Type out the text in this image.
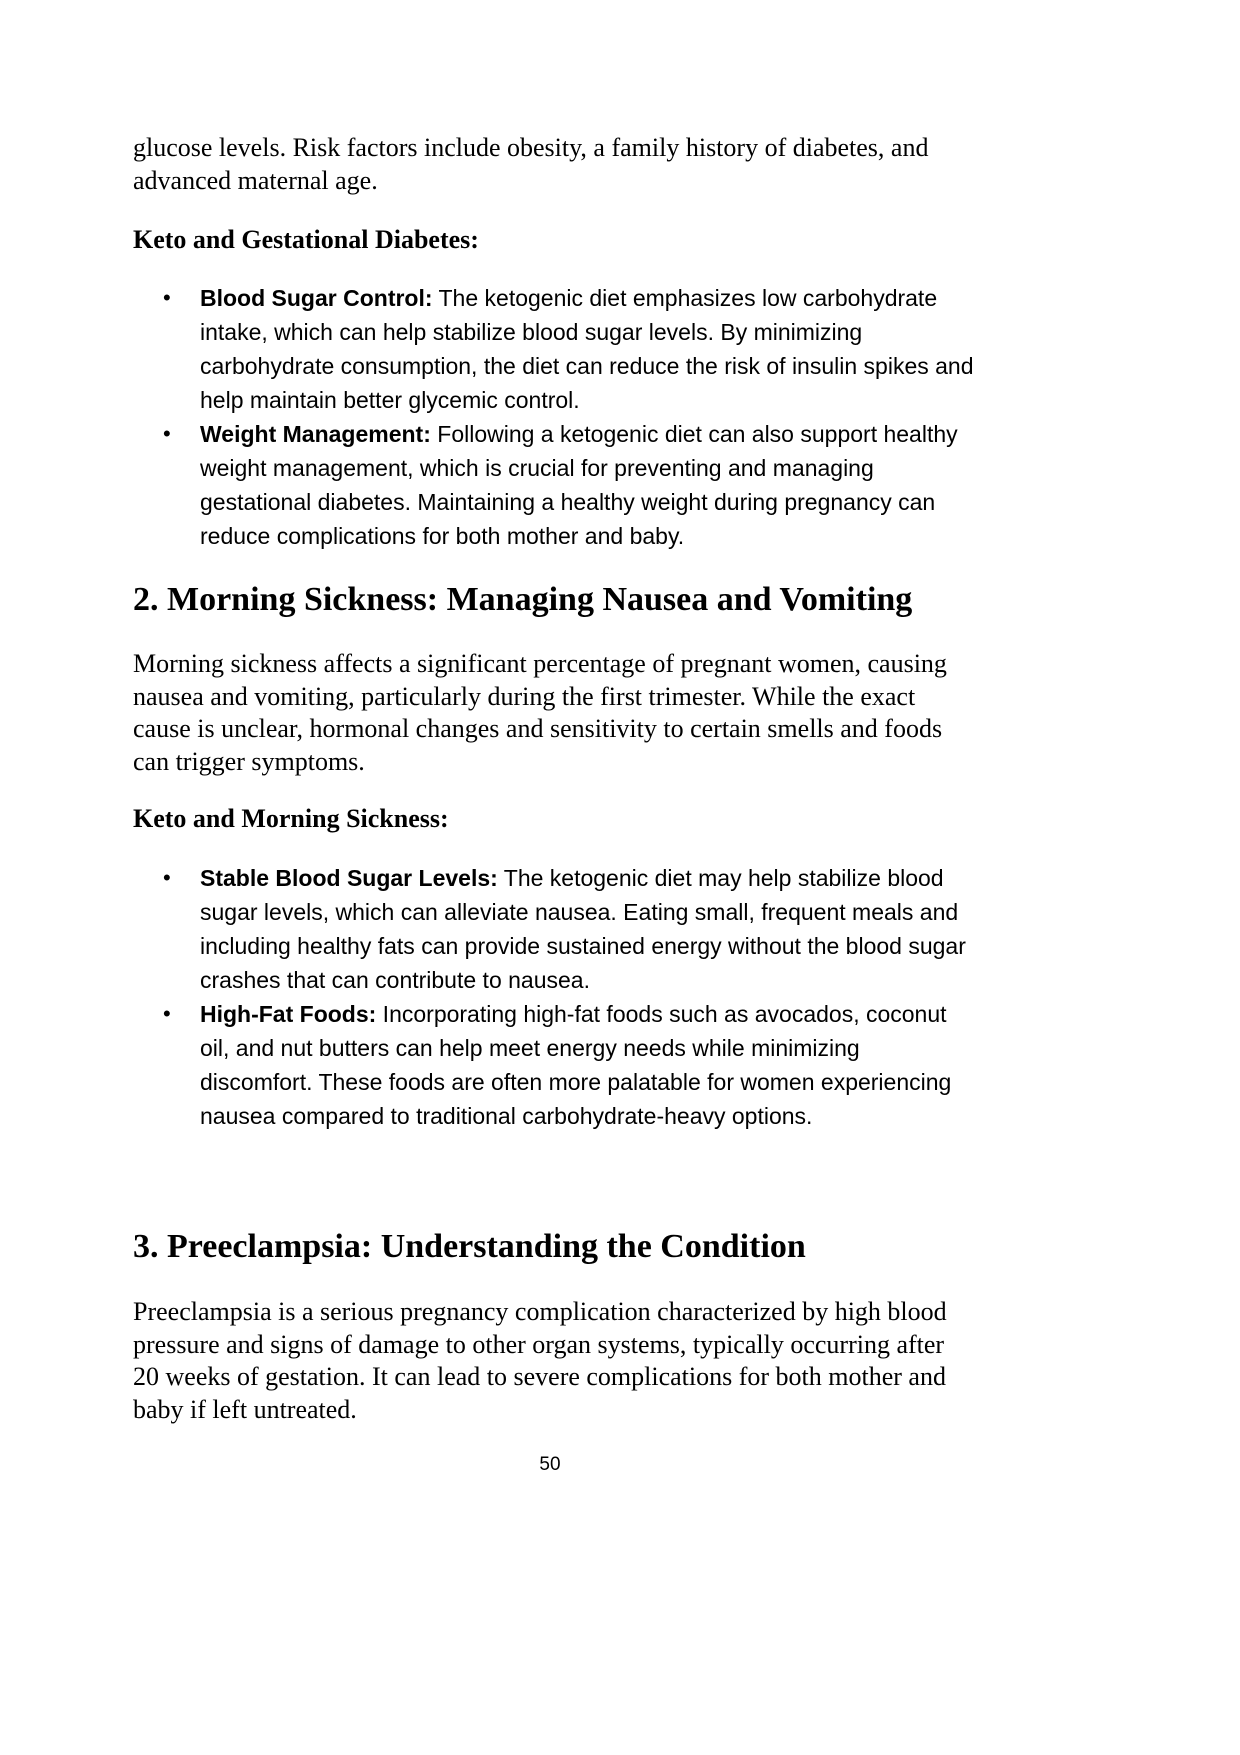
glucose levels. Risk factors include obesity, a family history of diabetes, and advanced maternal age.

Keto and Gestational Diabetes:

• Blood Sugar Control: The ketogenic diet emphasizes low carbohydrate intake, which can help stabilize blood sugar levels. By minimizing carbohydrate consumption, the diet can reduce the risk of insulin spikes and help maintain better glycemic control.
• Weight Management: Following a ketogenic diet can also support healthy weight management, which is crucial for preventing and managing gestational diabetes. Maintaining a healthy weight during pregnancy can reduce complications for both mother and baby.
2. Morning Sickness: Managing Nausea and Vomiting

Morning sickness affects a significant percentage of pregnant women, causing nausea and vomiting, particularly during the first trimester. While the exact cause is unclear, hormonal changes and sensitivity to certain smells and foods can trigger symptoms.

Keto and Morning Sickness:

• Stable Blood Sugar Levels: The ketogenic diet may help stabilize blood sugar levels, which can alleviate nausea. Eating small, frequent meals and including healthy fats can provide sustained energy without the blood sugar crashes that can contribute to nausea.
• High-Fat Foods: Incorporating high-fat foods such as avocados, coconut oil, and nut butters can help meet energy needs while minimizing discomfort. These foods are often more palatable for women experiencing nausea compared to traditional carbohydrate-heavy options.
3. Preeclampsia: Understanding the Condition

Preeclampsia is a serious pregnancy complication characterized by high blood pressure and signs of damage to other organ systems, typically occurring after 20 weeks of gestation. It can lead to severe complications for both mother and baby if left untreated.

50
